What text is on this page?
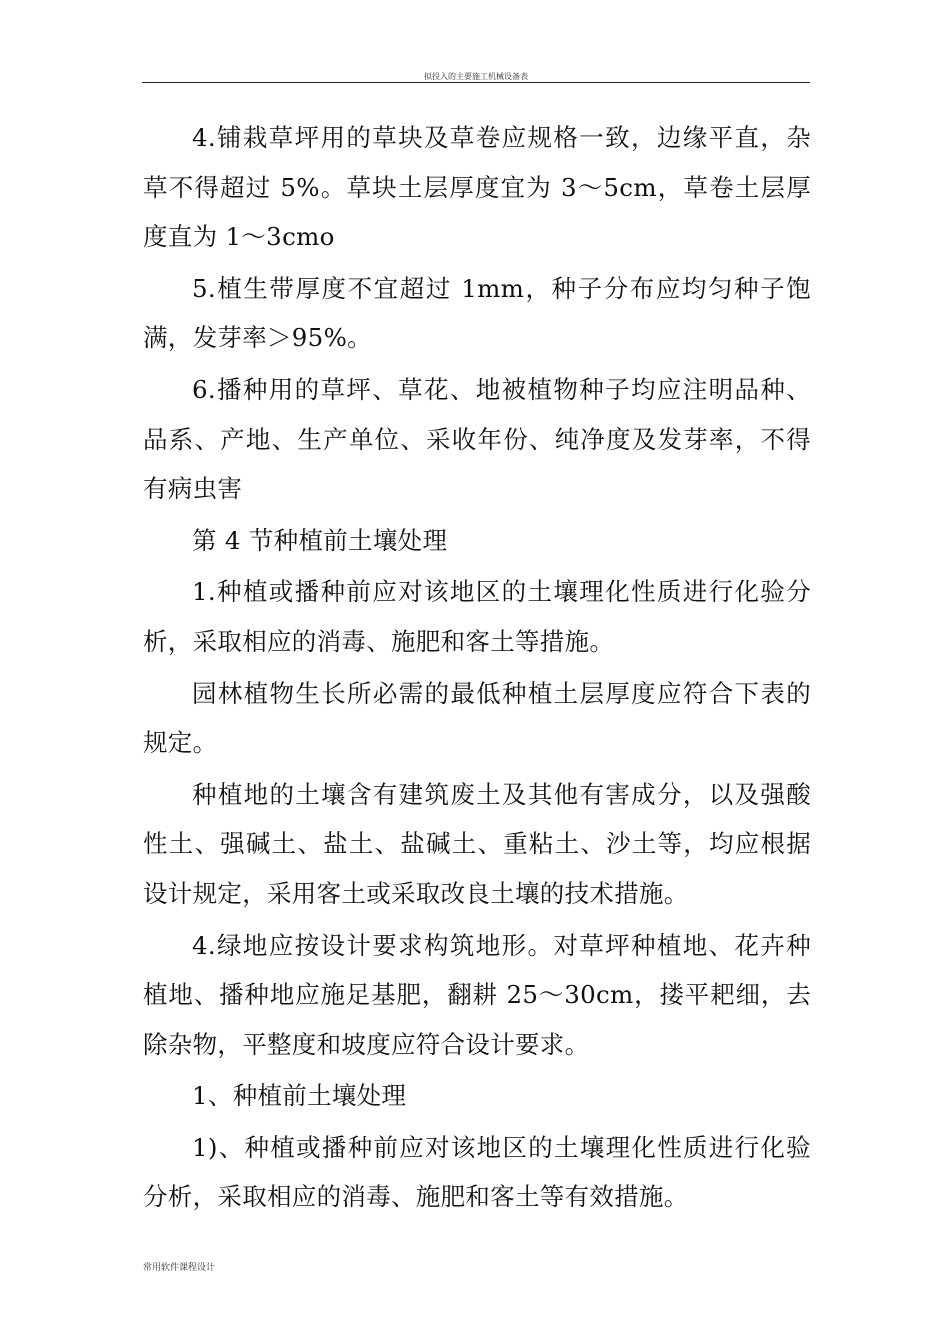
拟投入的主要施工机械设备表

4.铺栽草坪用的草块及草卷应规格一致，边缘平直，杂草不得超过 5%。草块土层厚度宜为 3～5cm，草卷土层厚度直为 1～3cmo

5.植生带厚度不宜超过 1mm，种子分布应均匀种子饱满，发芽率＞95%。

6.播种用的草坪、草花、地被植物种子均应注明品种、品系、产地、生产单位、采收年份、纯净度及发芽率，不得有病虫害

第 4 节种植前土壤处理

1.种植或播种前应对该地区的土壤理化性质进行化验分析，采取相应的消毒、施肥和客土等措施。

园林植物生长所必需的最低种植土层厚度应符合下表的规定。

种植地的土壤含有建筑废土及其他有害成分，以及强酸性土、强碱土、盐土、盐碱土、重粘土、沙土等，均应根据设计规定，采用客土或采取改良土壤的技术措施。

4.绿地应按设计要求构筑地形。对草坪种植地、花卉种植地、播种地应施足基肥，翻耕 25～30cm，搂平耙细，去除杂物，平整度和坡度应符合设计要求。

1、种植前土壤处理

1)、种植或播种前应对该地区的土壤理化性质进行化验分析，采取相应的消毒、施肥和客土等有效措施。

常用软件课程设计
